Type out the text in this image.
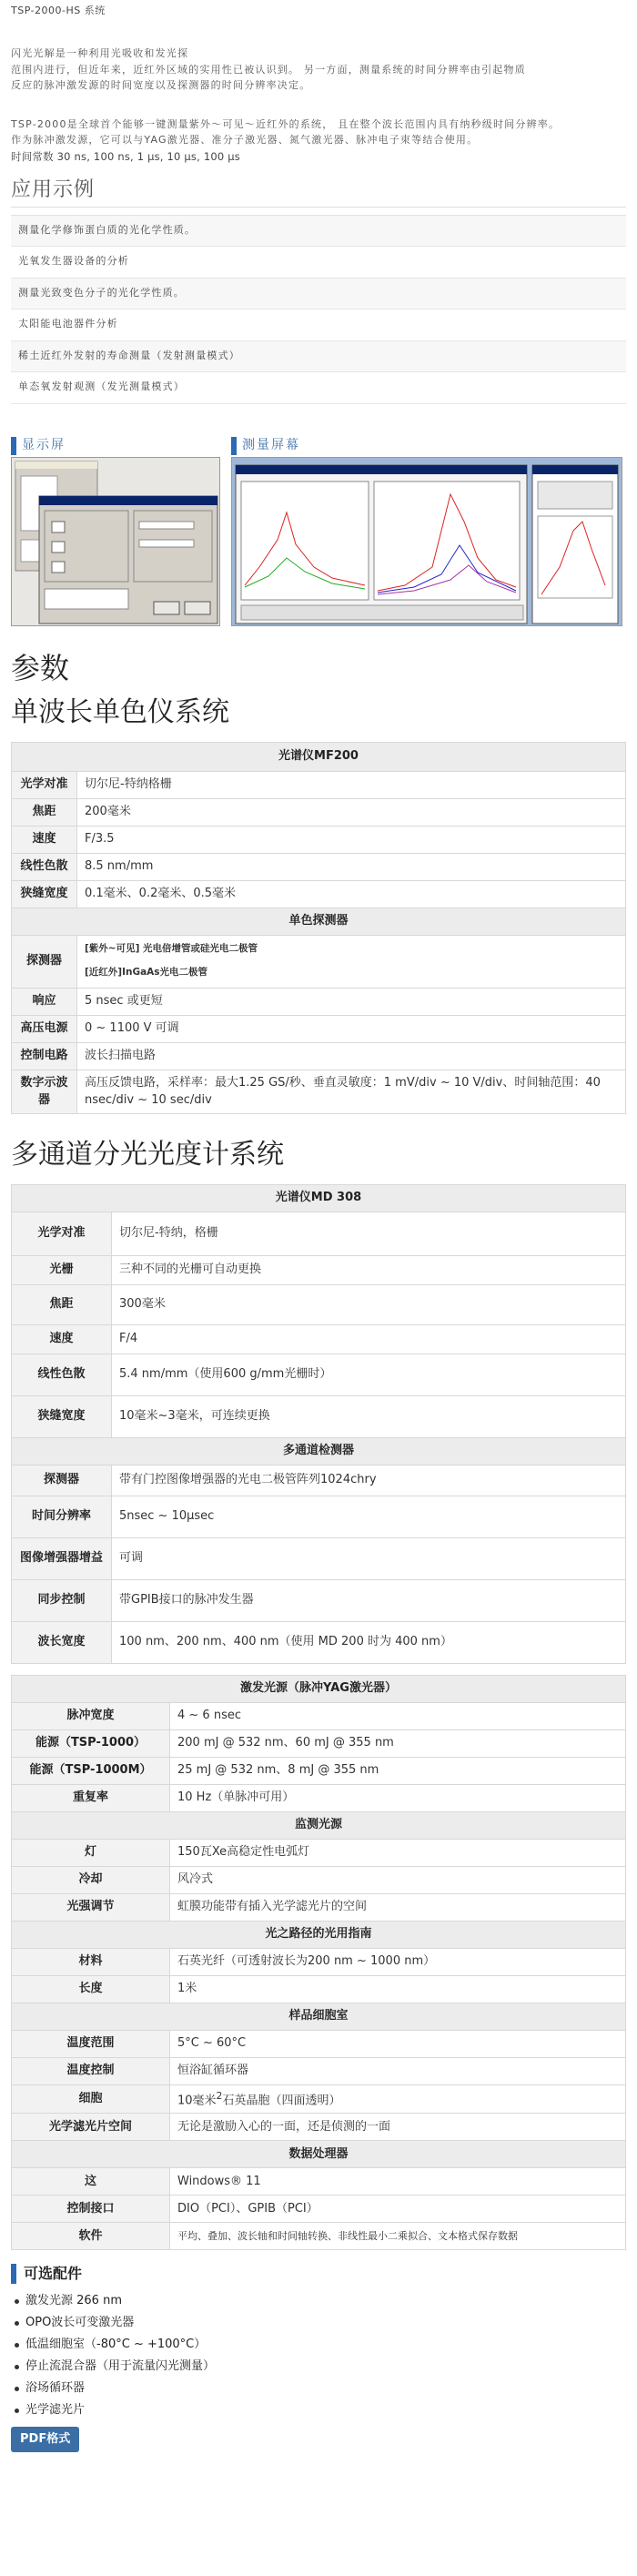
TSP-2000-HS 系统

闪光光解是一种利用光吸收和发光探
范围内进行，但近年来，近红外区域的实用性已被认识到。 另一方面，测量系统的时间分辨率由引起物质
反应的脉冲激发源的时间宽度以及探测器的时间分辨率决定。

TSP-2000是全球首个能够一键测量紫外～可见～近红外的系统， 且在整个波长范围内具有纳秒级时间分辨率。
作为脉冲激发源，它可以与YAG激光器、准分子激光器、氮气激光器、脉冲电子束等结合使用。
时间常数 30 ns, 100 ns, 1 µs, 10 µs, 100 µs

应用示例
测量化学修饰蛋白质的光化学性质。
光氧发生器设备的分析
测量光致变色分子的光化学性质。
太阳能电池器件分析
稀土近红外发射的寿命测量（发射测量模式）
单态氧发射观测（发光测量模式）
显示屏	测量屏幕
参数
单波长单色仪系统
光谱仪MF200	
光学对准	切尔尼-特纳格栅
焦距	200毫米
速度	F/3.5
线性色散	8.5 nm/mm
狭缝宽度	0.1毫米、0.2毫米、0.5毫米
单色探测器	
探测器	[紫外~可见] 光电倍增管或硅光电二极管
[近红外]InGaAs光电二极管

响应	5 nsec 或更短
高压电源	0 ~ 1100 V 可调
控制电路	波长扫描电路
数字示波器	高压反馈电路，采样率：最大1.25 GS/秒、垂直灵敏度：1 mV/div ~ 10 V/div、时间轴范围：40 nsec/div ~ 10 sec/div
多通道分光光度计系统
光谱仪MD 308	
光学对准	切尔尼-特纳，格栅
光栅	三种不同的光栅可自动更换
焦距	300毫米
速度	F/4
线性色散	5.4 nm/mm（使用600 g/mm光栅时）
狭缝宽度	10毫米~3毫米，可连续更换
多通道检测器	
探测器	带有门控图像增强器的光电二极管阵列1024chry
时间分辨率	5nsec ~ 10µsec
图像增强器增益	可调
同步控制	带GPIB接口的脉冲发生器
波长宽度	100 nm、200 nm、400 nm（使用 MD 200 时为 400 nm）
激发光源（脉冲YAG激光器）	
脉冲宽度	4 ~ 6 nsec
能源（TSP-1000）	200 mJ @ 532 nm、60 mJ @ 355 nm
能源（TSP-1000M）	25 mJ @ 532 nm、8 mJ @ 355 nm
重复率	10 Hz（单脉冲可用）
监测光源	
灯	150瓦Xe高稳定性电弧灯
冷却	风冷式
光强调节	虹膜功能带有插入光学滤光片的空间
光之路径的光用指南	
材料	石英光纤（可透射波长为200 nm ~ 1000 nm）
长度	1米
样品细胞室	
温度范围	5°C ~ 60°C
温度控制	恒浴缸循环器
细胞	10毫米$^2$石英晶胞（四面透明）
光学滤光片空间	无论是激励入心的一面，还是侦测的一面
数据处理器	
这	Windows® 11
控制接口	DIO（PCI）、GPIB（PCI）
软件	平均、叠加、波长轴和时间轴转换、非线性最小二乘拟合、文本格式保存数据
可选配件
激发光源 266 nm
OPO波长可变激光器
低温细胞室（-80°C ~ +100°C）
停止流混合器（用于流量闪光测量）
浴场循环器
光学滤光片
PDF格式
